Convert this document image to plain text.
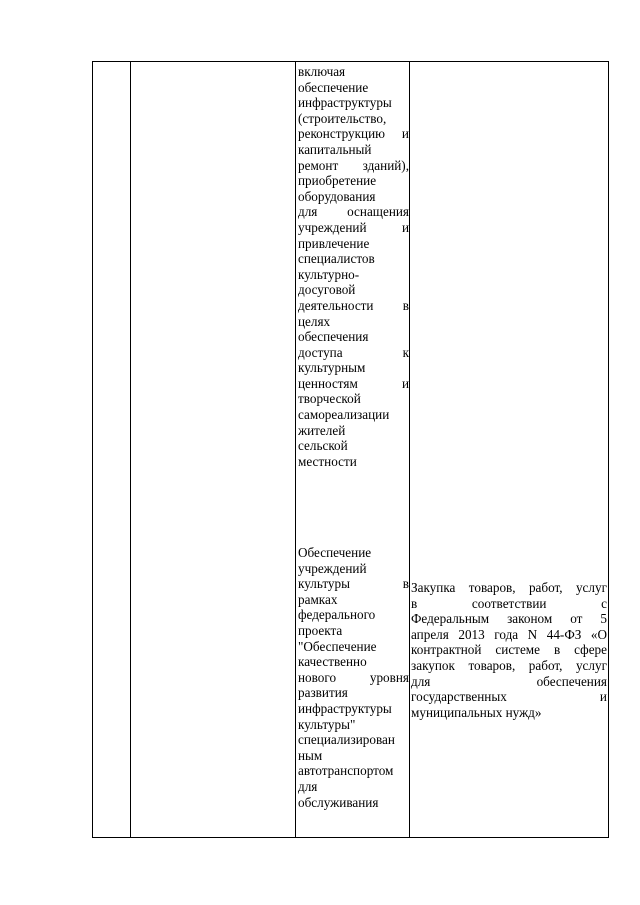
включая
обеспечение
инфраструктуры
(строительство,
реконструкцию и
капитальный
ремонт зданий),
приобретение
оборудования
для оснащения
учреждений и
привлечение
специалистов
культурно-
досуговой
деятельности в
целях
обеспечения
доступа к
культурным
ценностям и
творческой
самореализации
жителей
сельской
местности
Обеспечение
учреждений
культуры в
рамках
федерального
проекта
"Обеспечение
качественно
нового уровня
развития
инфраструктуры
культуры"
специализирован
ным
автотранспортом
для
обслуживания
Закупка товаров, работ, услуг
в соответствии с
Федеральным законом от 5
апреля 2013 года N 44-ФЗ «О
контрактной системе в сфере
закупок товаров, работ, услуг
для обеспечения
государственных и
муниципальных нужд»
